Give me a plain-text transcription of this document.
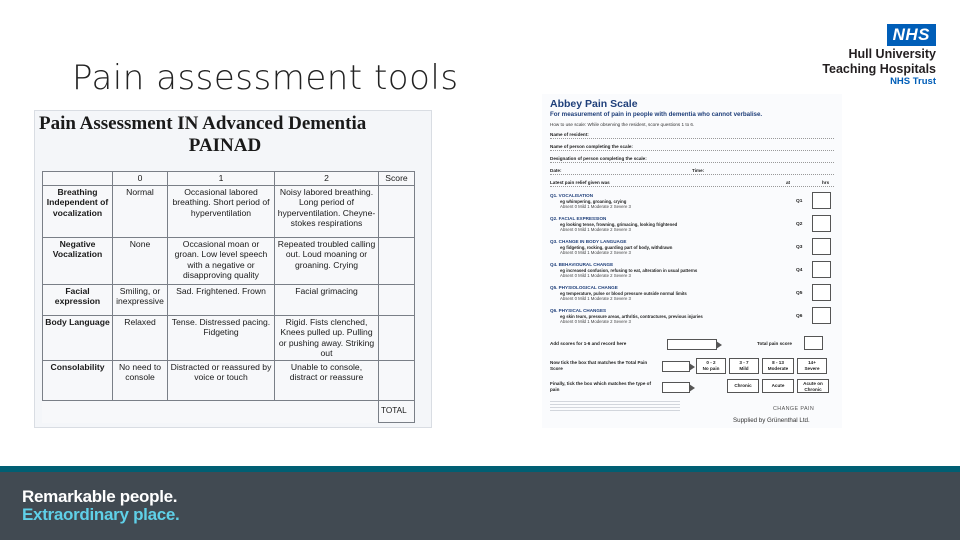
Pain assessment tools
NHS
Hull University
Teaching Hospitals
NHS Trust
Pain Assessment IN Advanced Dementia
PAINAD
	0	1	2	Score
Breathing Independent of vocalization	Normal	Occasional labored breathing. Short period of hyperventilation	Noisy labored breathing. Long period of hyperventilation. Cheyne-stokes respirations	
Negative Vocalization	None	Occasional moan or groan. Low level speech with a negative or disapproving quality	Repeated troubled calling out. Loud moaning or groaning. Crying	
Facial expression	Smiling, or inexpressive	Sad. Frightened. Frown	Facial grimacing	
Body Language	Relaxed	Tense. Distressed pacing. Fidgeting	Rigid. Fists clenched, Knees pulled up. Pulling or pushing away. Striking out	
Consolability	No need to console	Distracted or reassured by voice or touch	Unable to console, distract or reassure	
				TOTAL
Abbey Pain Scale
For measurement of pain in people with dementia who cannot verbalise.
How to use scale: While observing the resident, score questions 1 to 6.
Name of resident:
Name of person completing the scale:
Designation of person completing the scale:
Date:	Time:
Latest pain relief given was	at	hrs
Q1. VOCALISATION
eg whimpering, groaning, crying
Absent 0 Mild 1 Moderate 2 Severe 3
Q1
Q2. FACIAL EXPRESSION
eg looking tense, frowning, grimacing, looking frightened
Absent 0 Mild 1 Moderate 2 Severe 3
Q2
Q3. CHANGE IN BODY LANGUAGE
eg fidgeting, rocking, guarding part of body, withdrawn
Absent 0 Mild 1 Moderate 2 Severe 3
Q3
Q4. BEHAVIOURAL CHANGE
eg increased confusion, refusing to eat, alteration in usual patterns
Absent 0 Mild 1 Moderate 2 Severe 3
Q4
Q5. PHYSIOLOGICAL CHANGE
eg temperature, pulse or blood pressure outside normal limits
Absent 0 Mild 1 Moderate 2 Severe 3
Q5
Q6. PHYSICAL CHANGES
eg skin tears, pressure areas, arthritis, contractures, previous injuries
Absent 0 Mild 1 Moderate 2 Severe 3
Q6
Add scores for 1-6 and record here	Total pain score
Now tick the box that matches the Total Pain Score
0 - 2
No pain
3 - 7
Mild
8 - 13
Moderate
14+
Severe
Finally, tick the box which matches the type of pain
Chronic	Acute	Acute on Chronic
CHANGE PAIN
Supplied by Grünenthal Ltd.
Remarkable people.
Extraordinary place.
